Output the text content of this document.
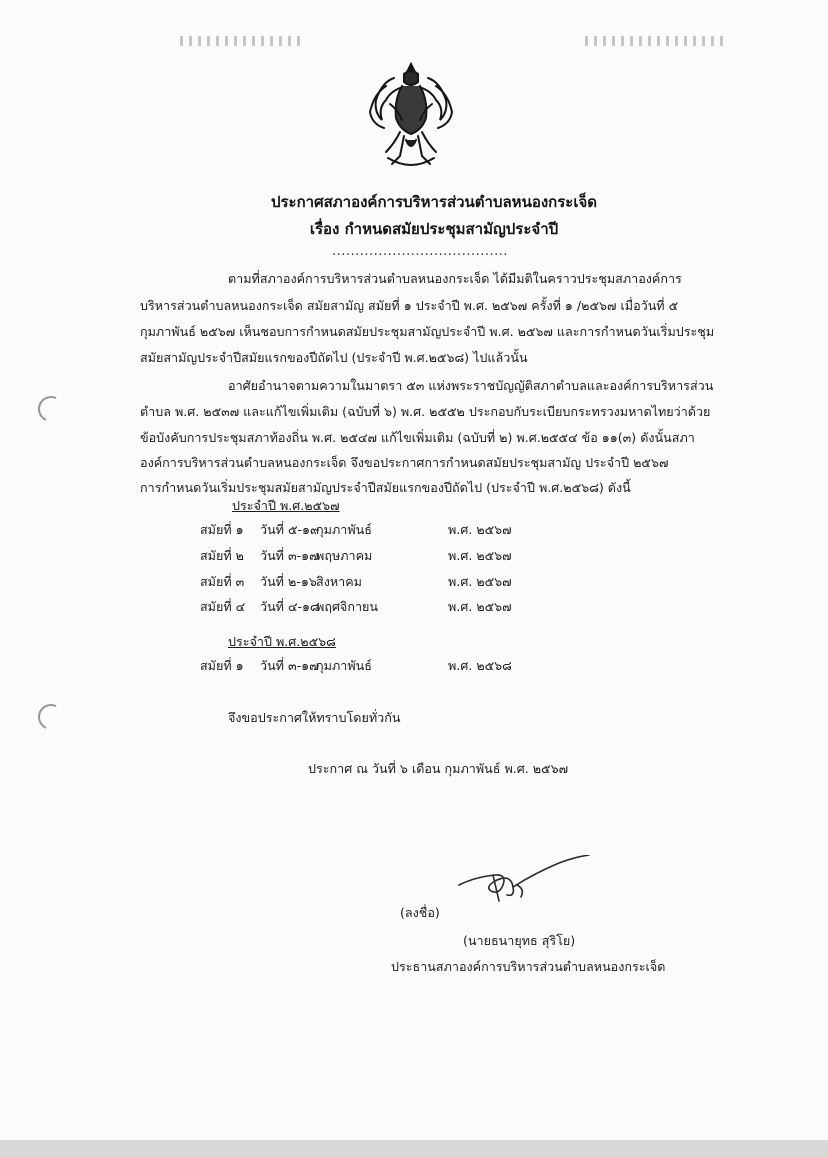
ประกาศสภาองค์การบริหารส่วนตำบลหนองกระเจ็ด
เรื่อง กำหนดสมัยประชุมสามัญประจำปี
......................................
ตามที่สภาองค์การบริหารส่วนตำบลหนองกระเจ็ด ได้มีมติในคราวประชุมสภาองค์การ
บริหารส่วนตำบลหนองกระเจ็ด สมัยสามัญ สมัยที่ ๑ ประจำปี พ.ศ. ๒๕๖๗ ครั้งที่ ๑ /๒๕๖๗ เมื่อวันที่ ๕
กุมภาพันธ์ ๒๕๖๗ เห็นชอบการกำหนดสมัยประชุมสามัญประจำปี พ.ศ. ๒๕๖๗ และการกำหนดวันเริ่มประชุม
สมัยสามัญประจำปีสมัยแรกของปีถัดไป (ประจำปี พ.ศ.๒๕๖๘) ไปแล้วนั้น
อาศัยอำนาจตามความในมาตรา ๕๓ แห่งพระราชบัญญัติสภาตำบลและองค์การบริหารส่วน
ตำบล พ.ศ. ๒๕๓๗ และแก้ไขเพิ่มเติม (ฉบับที่ ๖) พ.ศ. ๒๕๕๒ ประกอบกับระเบียบกระทรวงมหาดไทยว่าด้วย
ข้อบังคับการประชุมสภาท้องถิ่น พ.ศ. ๒๕๔๗ แก้ไขเพิ่มเติม (ฉบับที่ ๒) พ.ศ.๒๕๕๔ ข้อ ๑๑(๓) ดังนั้นสภา
องค์การบริหารส่วนตำบลหนองกระเจ็ด จึงขอประกาศการกำหนดสมัยประชุมสามัญ ประจำปี ๒๕๖๗
การกำหนดวันเริ่มประชุมสมัยสามัญประจำปีสมัยแรกของปีถัดไป (ประจำปี พ.ศ.๒๕๖๘) ดังนี้
ประจำปี พ.ศ.๒๕๖๗
สมัยที่ ๑ วันที่ ๕-๑๙ กุมภาพันธ์	พ.ศ. ๒๕๖๗
สมัยที่ ๒ วันที่ ๓-๑๗ พฤษภาคม	พ.ศ. ๒๕๖๗
สมัยที่ ๓ วันที่ ๒-๑๖ สิงหาคม	พ.ศ. ๒๕๖๗
สมัยที่ ๔ วันที่ ๔-๑๘ พฤศจิกายน	พ.ศ. ๒๕๖๗
ประจำปี พ.ศ.๒๕๖๘
สมัยที่ ๑ วันที่ ๓-๑๗ กุมภาพันธ์	พ.ศ. ๒๕๖๘
จึงขอประกาศให้ทราบโดยทั่วกัน
ประกาศ ณ วันที่ ๖ เดือน กุมภาพันธ์ พ.ศ. ๒๕๖๗
(ลงชื่อ)
(นายธนายุทธ สุริโย)
ประธานสภาองค์การบริหารส่วนตำบลหนองกระเจ็ด
